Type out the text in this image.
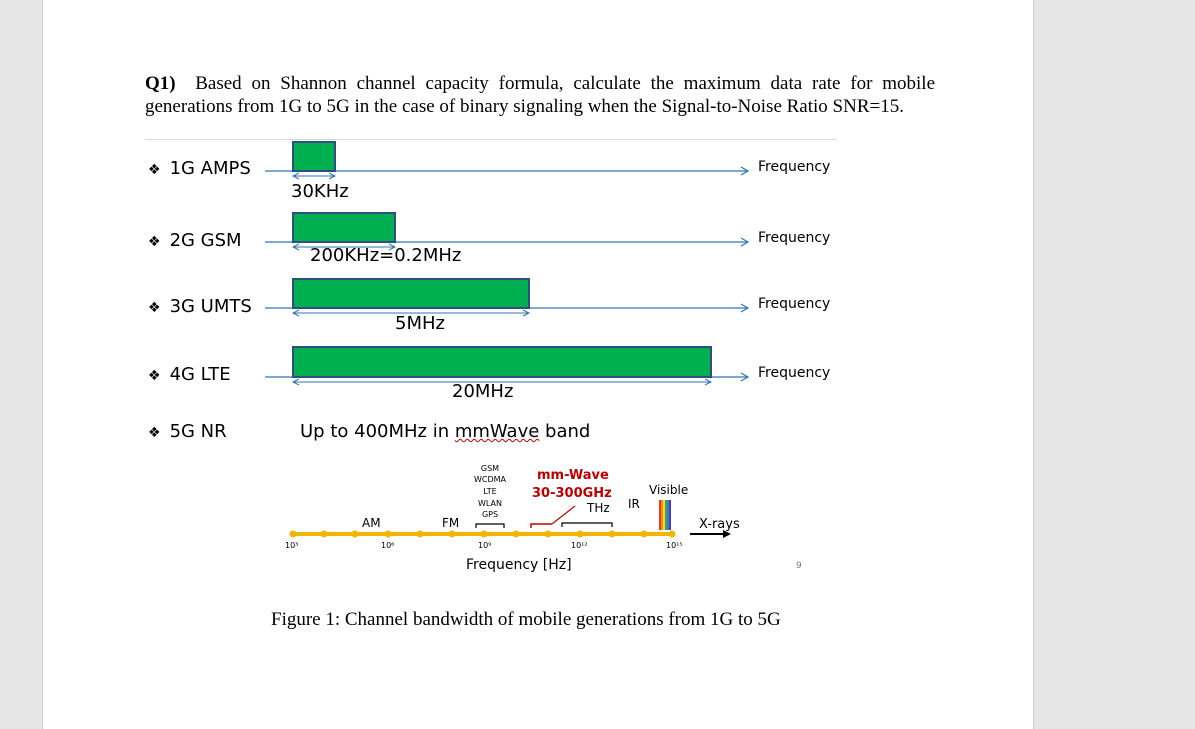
Q1) Based on Shannon channel capacity formula, calculate the maximum data rate for mobile
generations from 1G to 5G in the case of binary signaling when the Signal-to-Noise Ratio SNR=15.
❖ 1G AMPS
❖ 2G GSM
❖ 3G UMTS
❖ 4G LTE
❖ 5G NR
30KHz
200KHz=0.2MHz
5MHz
20MHz
Up to 400MHz in mmWave band
Frequency
Frequency
Frequency
Frequency
10³	10⁶	10⁹	10¹²	10¹⁵
AM	FM
GSM
WCDMA
LTE
WLAN
GPS
mm-Wave
30-300GHz
THz IR
Visible
X-rays
Frequency [Hz]	9
Figure 1: Channel bandwidth of mobile generations from 1G to 5G
